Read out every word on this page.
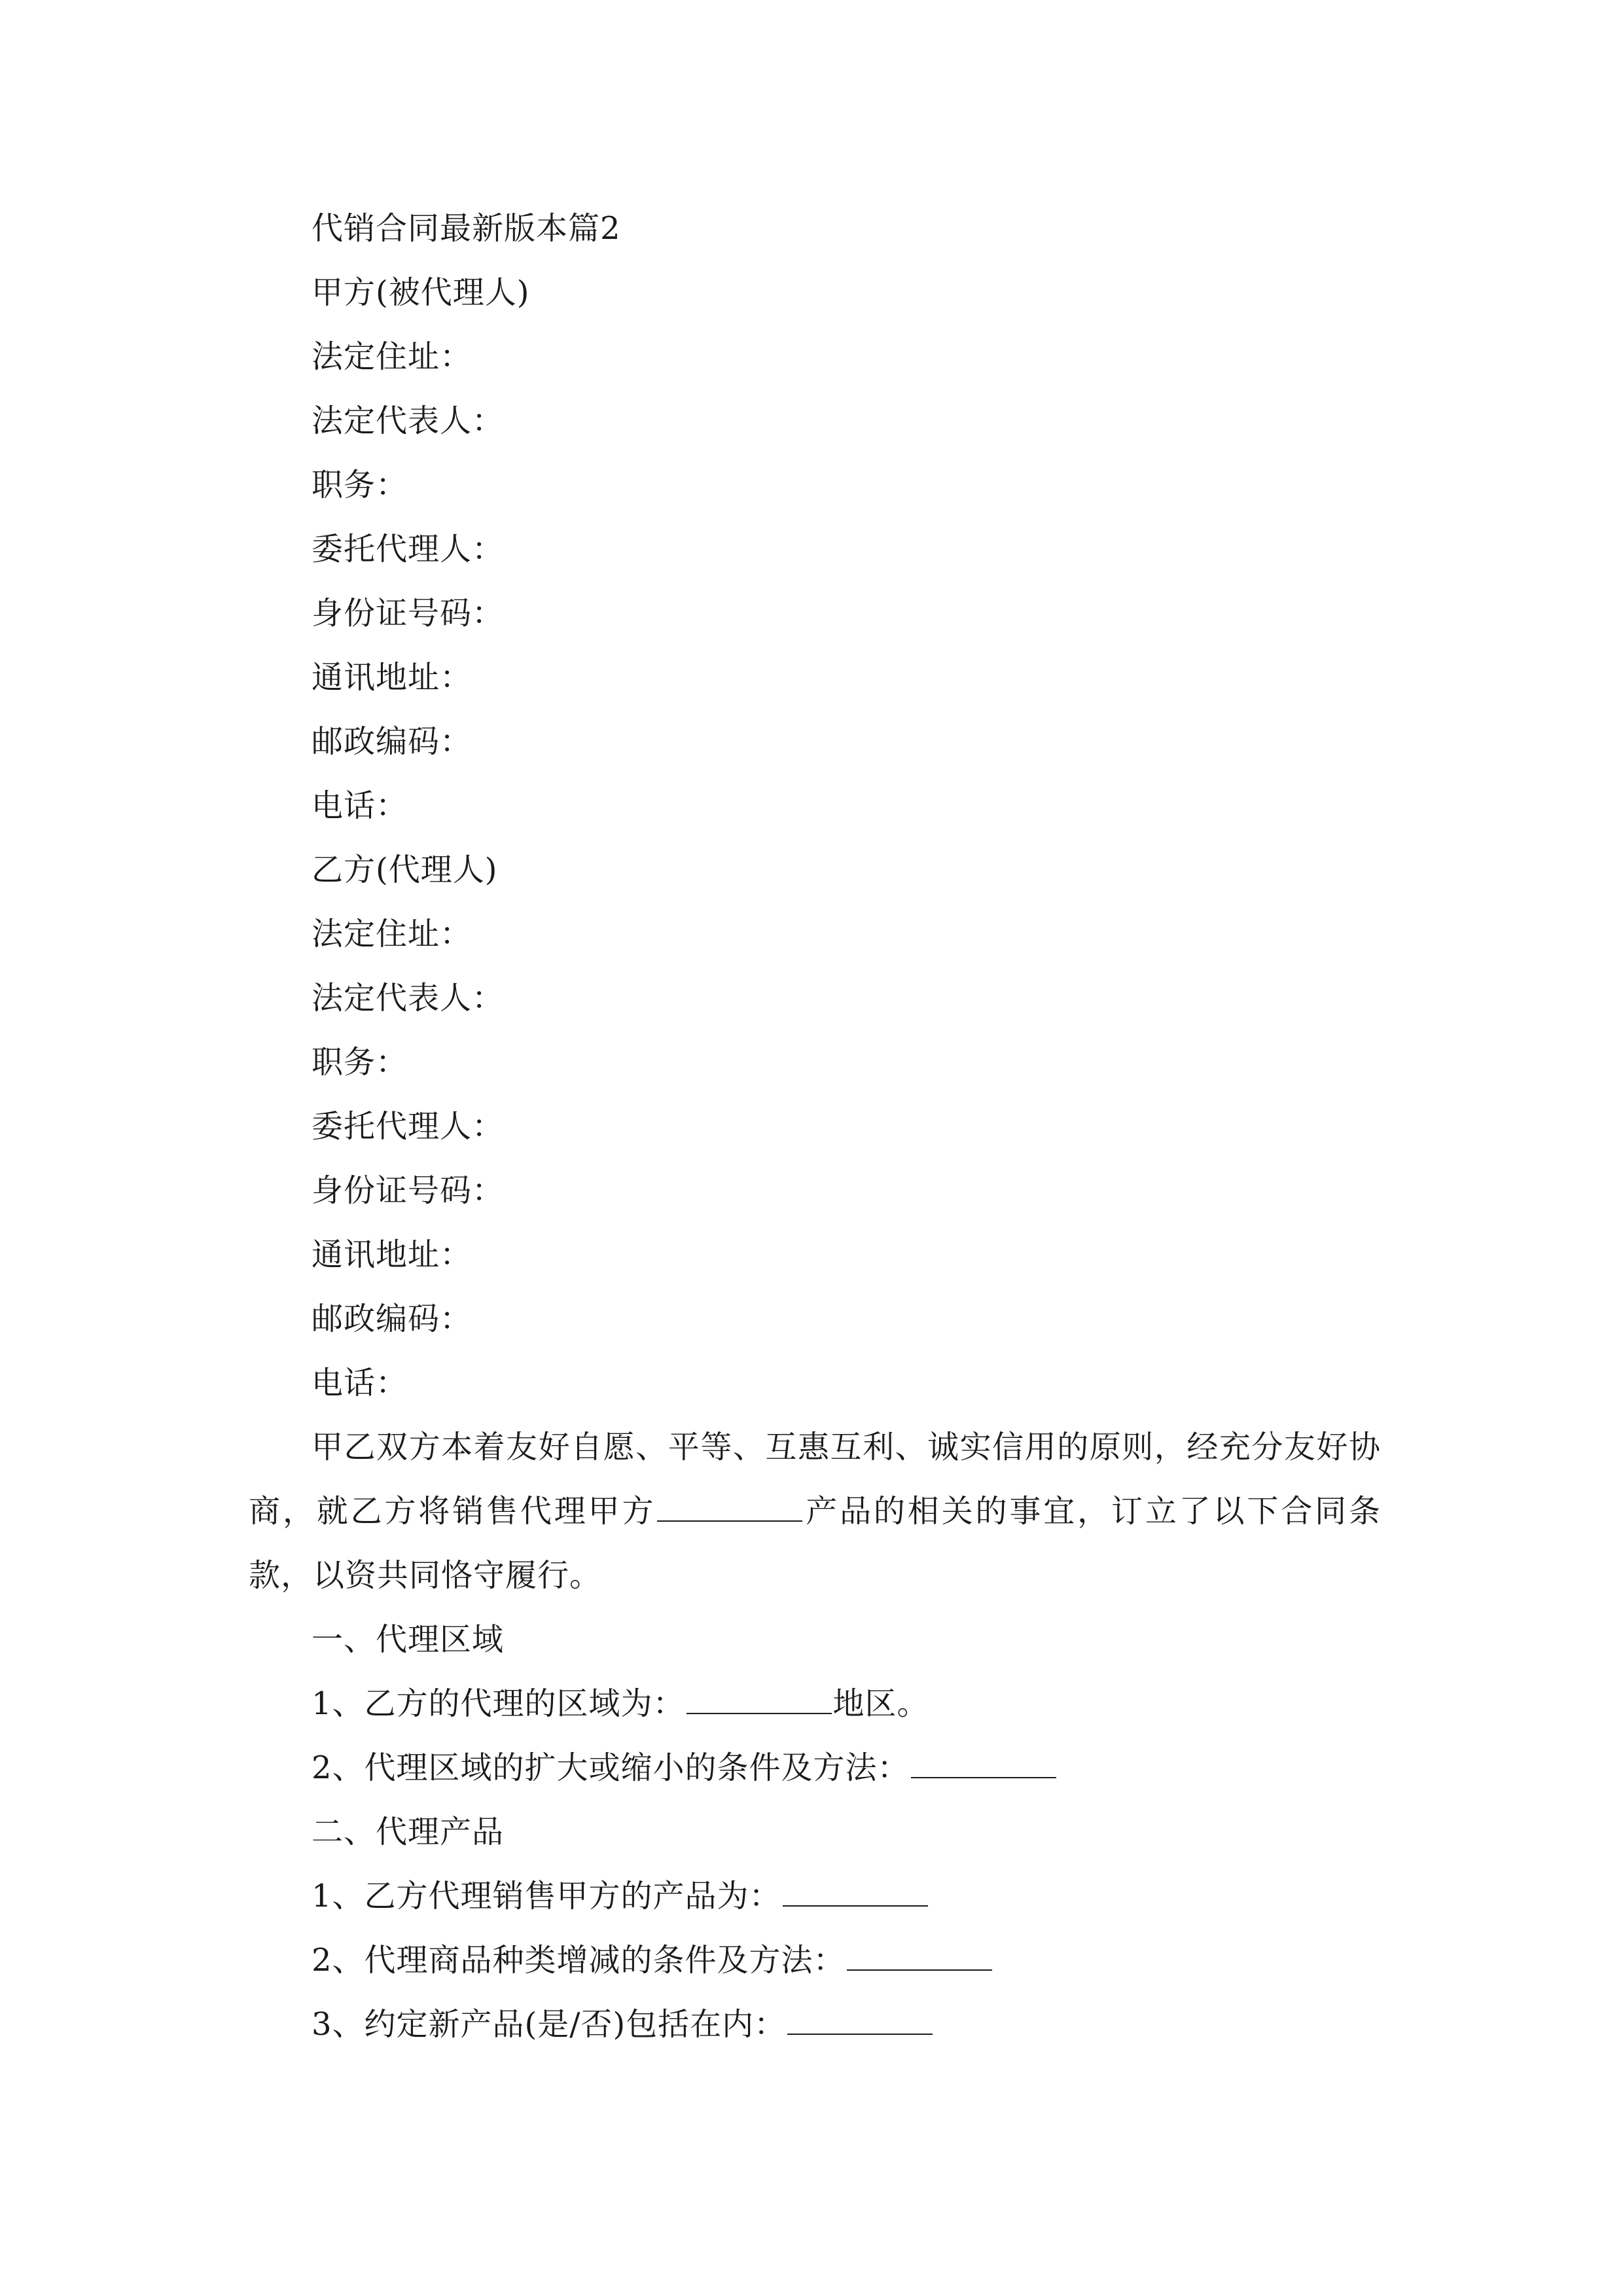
代销合同最新版本篇2
甲方(被代理人)
法定住址：
法定代表人：
职务：
委托代理人：
身份证号码：
通讯地址：
邮政编码：
电话：
乙方(代理人)
法定住址：
法定代表人：
职务：
委托代理人：
身份证号码：
通讯地址：
邮政编码：
电话：
甲乙双方本着友好自愿、平等、互惠互利、诚实信用的原则，经充分友好协商，就乙方将销售代理甲方	产品的相关的事宜，订立了以下合同条款，以资共同恪守履行。
一、代理区域
1、乙方的代理的区域为：	地区。
2、代理区域的扩大或缩小的条件及方法：
二、代理产品
1、乙方代理销售甲方的产品为：
2、代理商品种类增减的条件及方法：
3、约定新产品(是/否)包括在内：
